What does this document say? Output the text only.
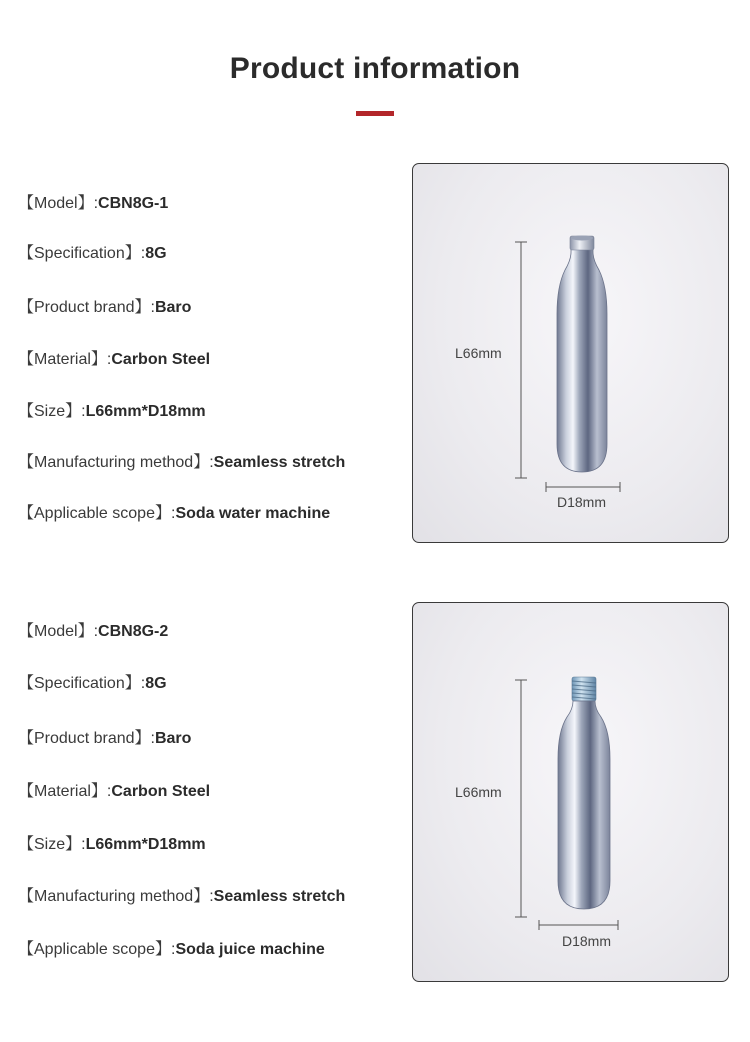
Product information
【Model】:CBN8G-1
【Specification】:8G
【Product brand】:Baro
【Material】:Carbon Steel
【Size】:L66mm*D18mm
【Manufacturing method】:Seamless stretch
【Applicable scope】:Soda water machine
L66mm
D18mm
【Model】:CBN8G-2
【Specification】:8G
【Product brand】:Baro
【Material】:Carbon Steel
【Size】:L66mm*D18mm
【Manufacturing method】:Seamless stretch
【Applicable scope】:Soda juice machine
L66mm
D18mm
